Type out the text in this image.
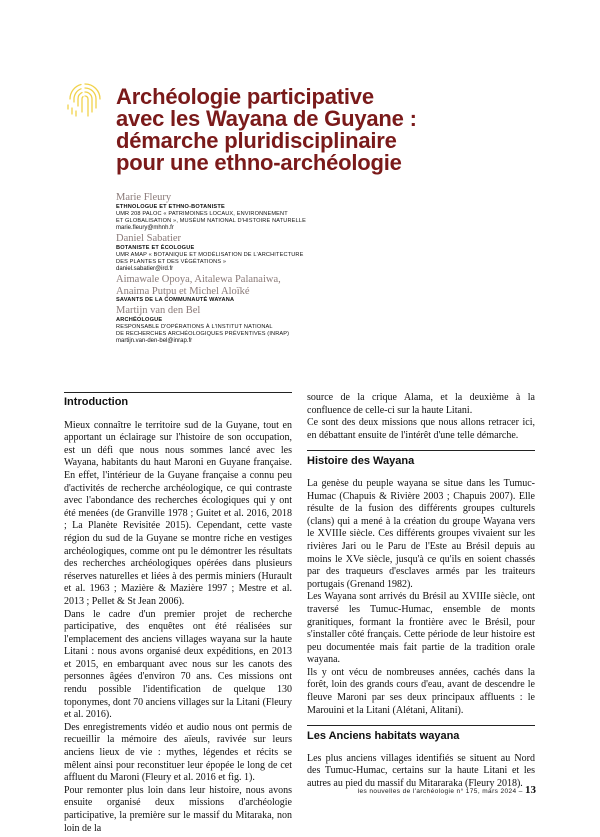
Archéologie participative
avec les Wayana de Guyane :
démarche pluridisciplinaire
pour une ethno-archéologie
Marie Fleury
ETHNOLOGUE ET ETHNO-BOTANISTE
UMR 208 PALOC « PATRIMOINES LOCAUX, ENVIRONNEMENT
ET GLOBALISATION », MUSÉUM NATIONAL D'HISTOIRE NATURELLE
marie.fleury@mhnh.fr
Daniel Sabatier
BOTANISTE ET ÉCOLOGUE
UMR AMAP « BOTANIQUE ET MODÉLISATION DE L'ARCHITECTURE
DES PLANTES ET DES VÉGÉTATIONS »
daniel.sabatier@ird.fr
Aimawale Opoya, Aitalewa Palanaiwa,
Anaima Putpu et Michel Aloïké
SAVANTS DE LA COMMUNAUTÉ WAYANA
Martijn van den Bel
ARCHÉOLOGUE
RESPONSABLE D'OPÉRATIONS À L'INSTITUT NATIONAL
DE RECHERCHES ARCHÉOLOGIQUES PRÉVENTIVES (INRAP)
martijn.van-den-bel@inrap.fr

Introduction

Mieux connaître le territoire sud de la Guyane, tout en apportant un éclairage sur l'histoire de son occupation, est un défi que nous nous sommes lancé avec les Wayana, habitants du haut Maroni en Guyane française. En effet, l'intérieur de la Guyane française a connu peu d'activités de recherche archéologique, ce qui contraste avec l'abondance des recherches écologiques qui y ont été menées (de Granville 1978 ; Guitet et al. 2016, 2018 ; La Planète Revisitée 2015). Cependant, cette vaste région du sud de la Guyane se montre riche en vestiges archéologiques, comme ont pu le démontrer les résultats des recherches archéologiques opérées dans plusieurs réserves naturelles et liées à des permis miniers (Hurault et al. 1963 ; Mazière & Mazière 1997 ; Mestre et al. 2013 ; Pellet & St Jean 2006).

Dans le cadre d'un premier projet de recherche participative, des enquêtes ont été réalisées sur l'emplacement des anciens villages wayana sur la haute Litani : nous avons organisé deux expéditions, en 2013 et 2015, en embarquant avec nous sur les canots des personnes âgées d'environ 70 ans. Ces missions ont rendu possible l'identification de quelque 130 toponymes, dont 70 anciens villages sur la Litani (Fleury et al. 2016).

Des enregistrements vidéo et audio nous ont permis de recueillir la mémoire des aïeuls, ravivée sur leurs anciens lieux de vie : mythes, légendes et récits se mêlent ainsi pour reconstituer leur épopée le long de cet affluent du Maroni (Fleury et al. 2016 et fig. 1).

Pour remonter plus loin dans leur histoire, nous avons ensuite organisé deux missions d'archéologie participative, la première sur le massif du Mitaraka, non loin de la

source de la crique Alama, et la deuxième à la confluence de celle-ci sur la haute Litani.

Ce sont des deux missions que nous allons retracer ici, en débattant ensuite de l'intérêt d'une telle démarche.

Histoire des Wayana

La genèse du peuple wayana se situe dans les Tumuc-Humac (Chapuis & Rivière 2003 ; Chapuis 2007). Elle résulte de la fusion des différents groupes culturels (clans) qui a mené à la création du groupe Wayana vers le XVIIIe siècle. Ces différents groupes vivaient sur les rivières Jari ou le Paru de l'Este au Brésil depuis au moins le XVe siècle, jusqu'à ce qu'ils en soient chassés par des traqueurs d'esclaves armés par les traiteurs portugais (Grenand 1982).

Les Wayana sont arrivés du Brésil au XVIIIe siècle, ont traversé les Tumuc-Humac, ensemble de monts granitiques, formant la frontière avec le Brésil, pour s'installer côté français. Cette période de leur histoire est peu documentée mais fait partie de la tradition orale wayana.

Ils y ont vécu de nombreuses années, cachés dans la forêt, loin des grands cours d'eau, avant de descendre le fleuve Maroni par ses deux principaux affluents : le Marouini et la Litani (Alétani, Alitani).

Les Anciens habitats wayana

Les plus anciens villages identifiés se situent au Nord des Tumuc-Humac, certains sur la haute Litani et les autres au pied du massif du Mitararaka (Fleury 2018).

les nouvelles de l'archéologie n° 175, mars 2024 – 13
